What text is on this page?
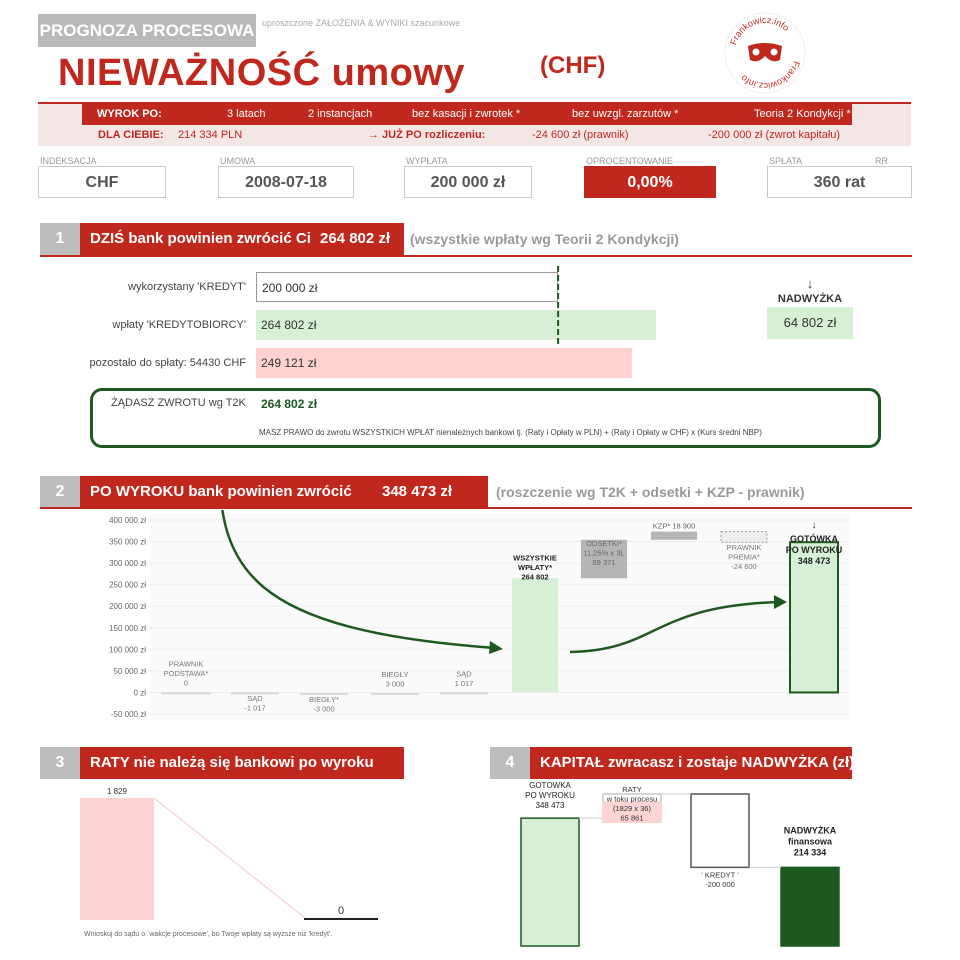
PROGNOZA PROCESOWA uproszczone ZAŁOŻENIA & WYNIKI szacunkowe
NIEWAŻNOŚĆ umowy	(CHF)
Frankowicz.info
Frankowicz.info
WYROK PO:	3 latach	2 instancjach	bez kasacji i zwrotek *	bez uwzgl. zarzutów *	Teoria 2 Kondykcji *
DLA CIEBIE: 214 334 PLN	→ JUŻ PO rozliczeniu:	-24 600 zł (prawnik)	-200 000 zł (zwrot kapitału)
INDEKSACJA
CHF
UMOWA
2008-07-18
WYPŁATA
200 000 zł
OPROCENTOWANIE
0,00%
SPŁATA	RR
360 rat
1	DZIŚ bank powinien zwrócić Ci 264 802 zł (wszystkie wpłaty wg Teorii 2 Kondykcji)
wykorzystany 'KREDYT'
wpłaty 'KREDYTOBIORCY'
pozostało do spłaty: 54430 CHF
200 000 zł
264 802 zł
249 121 zł
↓
NADWYŻKA
64 802 zł
ŻĄDASZ ZWROTU wg T2K 264 802 zł
MASZ PRAWO do zwrotu WSZYSTKICH WPŁAT nienależnych bankowi tj. (Raty i Opłaty w PLN) + (Raty i Opłaty w CHF) x (Kurs średni NBP)
2	PO WYROKU bank powinien zwrócić 348 473 zł	(roszczenie wg T2K + odsetki + KZP - prawnik)
-50 000 zł
0 zł
50 000 zł
100 000 zł
150 000 zł
200 000 zł
250 000 zł
300 000 zł
350 000 zł
400 000 zł
PRAWNIK
PODSTAWA*
0
SĄD
-1 017
BIEGŁY*
-3 000
BIEGŁY
3 000
SĄD
1 017
WSZYSTKIE
WPŁATY*
264 802
ODSETKI*
11,25% x 3L
89 371
KZP* 18 900
PRAWNIK
PREMIA*
-24 600
↓
GOTÓWKA
PO WYROKU
348 473
3	RATY nie należą się bankowi po wyroku
1 829
0
Wnioskuj do sądu o `wakcje procesowe', bo Twoje wpłaty są wyższe niż 'kredyt'.
4	KAPITAŁ zwracasz i zostaje NADWYŻKA (zł)
GOTÓWKA
PO WYROKU
348 473
RATY
w toku procesu
(1829 x 36)
65 861
' KREDYT '
-200 000
NADWYŻKA
finansowa
214 334
